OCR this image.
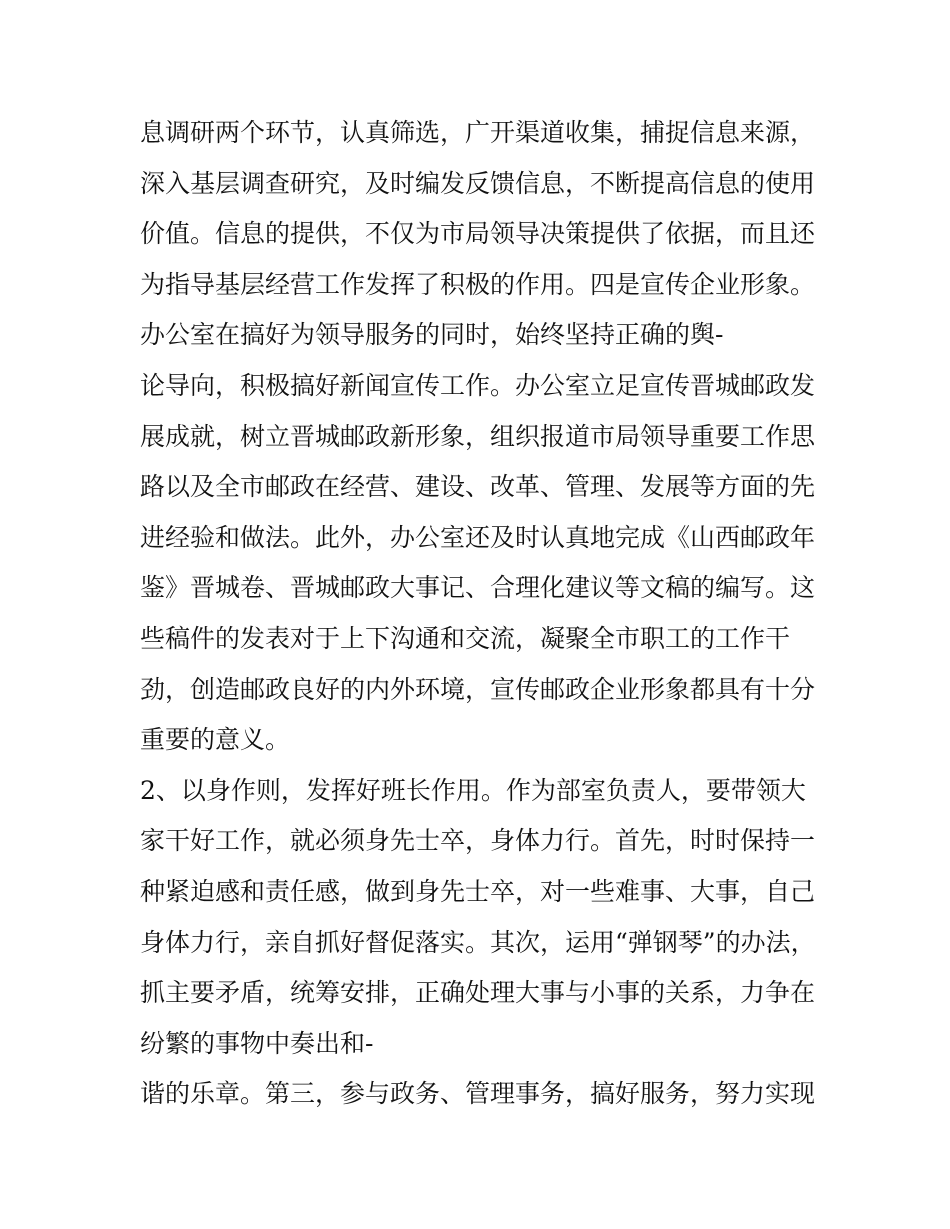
息调研两个环节，认真筛选，广开渠道收集，捕捉信息来源，
深入基层调查研究，及时编发反馈信息，不断提高信息的使用
价值。信息的提供，不仅为市局领导决策提供了依据，而且还
为指导基层经营工作发挥了积极的作用。四是宣传企业形象。
办公室在搞好为领导服务的同时，始终坚持正确的舆-
论导向，积极搞好新闻宣传工作。办公室立足宣传晋城邮政发
展成就，树立晋城邮政新形象，组织报道市局领导重要工作思
路以及全市邮政在经营、建设、改革、管理、发展等方面的先
进经验和做法。此外，办公室还及时认真地完成《山西邮政年
鉴》晋城卷、晋城邮政大事记、合理化建议等文稿的编写。这
些稿件的发表对于上下沟通和交流，凝聚全市职工的工作干
劲，创造邮政良好的内外环境，宣传邮政企业形象都具有十分
重要的意义。
2、以身作则，发挥好班长作用。作为部室负责人，要带领大
家干好工作，就必须身先士卒，身体力行。首先，时时保持一
种紧迫感和责任感，做到身先士卒，对一些难事、大事，自己
身体力行，亲自抓好督促落实。其次，运用“弹钢琴”的办法，
抓主要矛盾，统筹安排，正确处理大事与小事的关系，力争在
纷繁的事物中奏出和-
谐的乐章。第三，参与政务、管理事务，搞好服务，努力实现
